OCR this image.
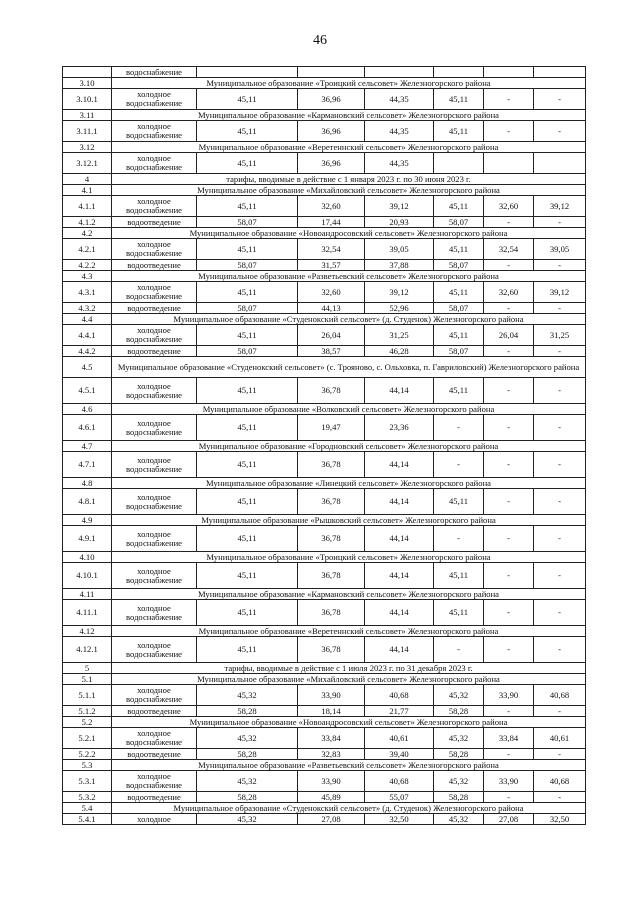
46
	водоснабжение						
3.10	Муниципальное образование «Троицкий сельсовет» Железногорского района						
3.10.1	холодное водоснабжение	45,11	36,96	44,35	45,11	-	-
3.11	Муниципальное образование «Кармановский сельсовет» Железногорского района						
3.11.1	холодное водоснабжение	45,11	36,96	44,35	45,11	-	-
3.12	Муниципальное образование «Веретеннский сельсовет» Железногорского района						
3.12.1	холодное водоснабжение	45,11	36,96	44,35			
4	тарифы, вводимые в действие с 1 января 2023 г. по 30 июня 2023 г.						
4.1	Муниципальное образование «Михайловский сельсовет» Железногорского района						
4.1.1	холодное водоснабжение	45,11	32,60	39,12	45,11	32,60	39,12
4.1.2	водоотведение	58,07	17,44	20,93	58,07	-	-
4.2	Муниципальное образование «Новоандросовский сельсовет» Железногорского района						
4.2.1	холодное водоснабжение	45,11	32,54	39,05	45,11	32,54	39,05
4.2.2	водоотведение	58,07	31,57	37,88	58,07	-	-
4.3	Муниципальное образование «Разветьевский сельсовет» Железногорского района						
4.3.1	холодное водоснабжение	45,11	32,60	39,12	45,11	32,60	39,12
4.3.2	водоотведение	58,07	44,13	52,96	58,07	-	-
4.4	Муниципальное образование «Студенокский сельсовет» (д. Студенок) Железногорского района						
4.4.1	холодное водоснабжение	45,11	26,04	31,25	45,11	26,04	31,25
4.4.2	водоотведение	58,07	38,57	46,28	58,07	-	-
4.5	Муниципальное образование «Студенокский сельсовет» (с. Трояново, с. Ольховка, п. Гавриловский) Железногорского района						
4.5.1	холодное водоснабжение	45,11	36,78	44,14	45,11	-	-
4.6	Муниципальное образование «Волковский сельсовет» Железногорского района						
4.6.1	холодное водоснабжение	45,11	19,47	23,36	-	-	-
4.7	Муниципальное образование «Городновский сельсовет» Железногорского района						
4.7.1	холодное водоснабжение	45,11	36,78	44,14	-	-	-
4.8	Муниципальное образование «Линецкий сельсовет» Железногорского района						
4.8.1	холодное водоснабжение	45,11	36,78	44,14	45,11	-	-
4.9	Муниципальное образование «Рышковский сельсовет» Железногорского района						
4.9.1	холодное водоснабжение	45,11	36,78	44,14	-	-	-
4.10	Муниципальное образование «Троицкий сельсовет» Железногорского района						
4.10.1	холодное водоснабжение	45,11	36,78	44,14	45,11	-	-
4.11	Муниципальное образование «Кармановский сельсовет» Железногорского района						
4.11.1	холодное водоснабжение	45,11	36,78	44,14	45,11	-	-
4.12	Муниципальное образование «Веретеннский сельсовет» Железногорского района						
4.12.1	холодное водоснабжение	45,11	36,78	44,14	-	-	-
5	тарифы, вводимые в действие с 1 июля 2023 г. по 31 декабря 2023 г.						
5.1	Муниципальное образование «Михайловский сельсовет» Железногорского района						
5.1.1	холодное водоснабжение	45,32	33,90	40,68	45,32	33,90	40,68
5.1.2	водоотведение	58,28	18,14	21,77	58,28	-	-
5.2	Муниципальное образование «Новоандросовский сельсовет» Железногорского района						
5.2.1	холодное водоснабжение	45,32	33,84	40,61	45,32	33,84	40,61
5.2.2	водоотведение	58,28	32,83	39,40	58,28	-	-
5.3	Муниципальное образование «Разветьевский сельсовет» Железногорского района						
5.3.1	холодное водоснабжение	45,32	33,90	40,68	45,32	33,90	40,68
5.3.2	водоотведение	58,28	45,89	55,07	58,28	-	-
5.4	Муниципальное образование «Студенокский сельсовет» (д. Студенок) Железногорского района						
5.4.1	холодное	45,32	27,08	32,50	45,32	27,08	32,50
